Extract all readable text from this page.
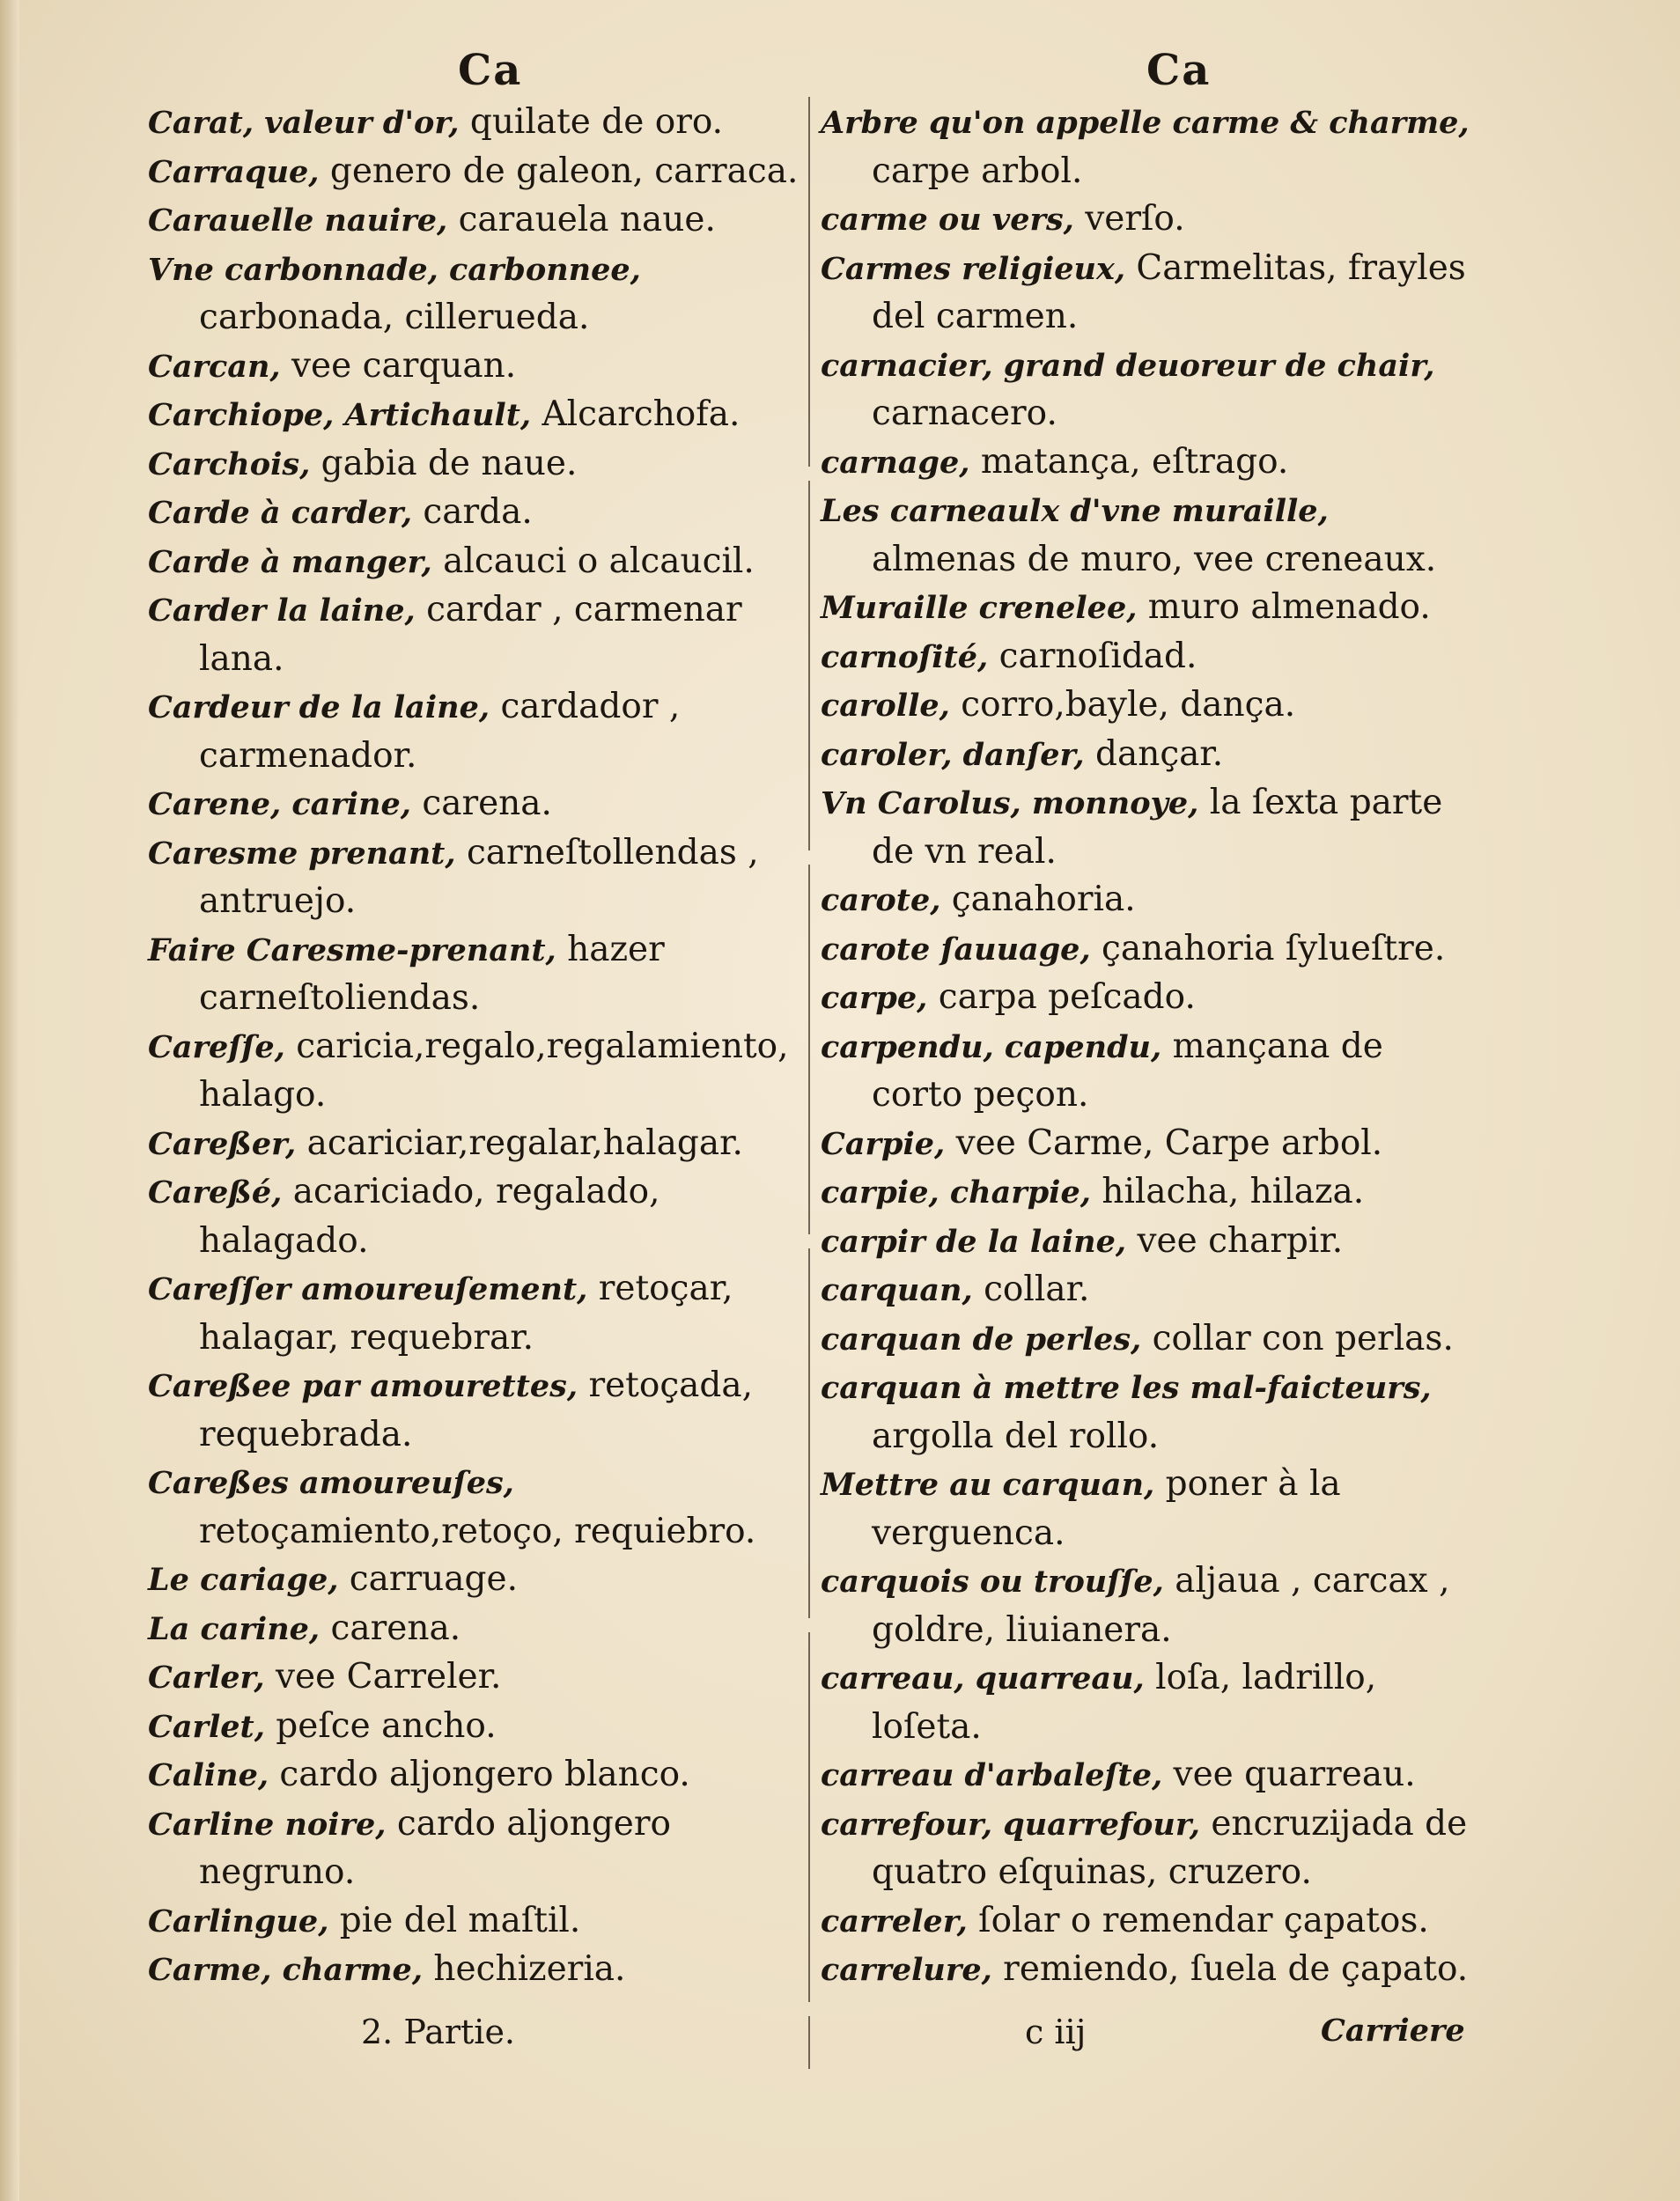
Ca	Ca
Carat, valeur d'or, quilate de oro.
Carraque, genero de galeon, carraca.
Carauelle nauire, carauela naue.
Vne carbonnade, carbonnee, carbonada, cillerueda.
Carcan, vee carquan.
Carchiope, Artichault, Alcarchofa.
Carchois, gabia de naue.
Carde à carder, carda.
Carde à manger, alcauci o alcaucil.
Carder la laine, cardar , carmenar lana.
Cardeur de la laine, cardador , carmenador.
Carene, carine, carena.
Caresme prenant, carneſtollendas , antruejo.
Faire Caresme-prenant, hazer carneſtoliendas.
Careſſe, caricia,regalo,regalamiento, halago.
Careßer, acariciar,regalar,halagar.
Careßé, acariciado, regalado, halagado.
Careſſer amoureuſement, retoçar, halagar, requebrar.
Careßee par amourettes, retoçada, requebrada.
Careßes amoureuſes, retoçamiento,retoço, requiebro.
Le cariage, carruage.
La carine, carena.
Carler, vee Carreler.
Carlet, peſce ancho.
Caline, cardo aljongero blanco.
Carline noire, cardo aljongero negruno.
Carlingue, pie del maſtil.
Carme, charme, hechizeria.
Arbre qu'on appelle carme & charme, carpe arbol.
carme ou vers, verſo.
Carmes religieux, Carmelitas, frayles del carmen.
carnacier, grand deuoreur de chair, carnacero.
carnage, matança, eſtrago.
Les carneaulx d'vne muraille, almenas de muro, vee creneaux.
Muraille crenelee, muro almenado.
carnoſité, carnoſidad.
carolle, corro,bayle, dança.
caroler, danſer, dançar.
Vn Carolus, monnoye, la ſexta parte de vn real.
carote, çanahoria.
carote ſauuage, çanahoria ſylueſtre.
carpe, carpa peſcado.
carpendu, capendu, mançana de corto peçon.
Carpie, vee Carme, Carpe arbol.
carpie, charpie, hilacha, hilaza.
carpir de la laine, vee charpir.
carquan, collar.
carquan de perles, collar con perlas.
carquan à mettre les mal-faicteurs, argolla del rollo.
Mettre au carquan, poner à la verguenca.
carquois ou trouſſe, aljaua , carcax , goldre, liuianera.
carreau, quarreau, loſa, ladrillo, loſeta.
carreau d'arbaleſte, vee quarreau.
carrefour, quarrefour, encruzijada de quatro eſquinas, cruzero.
carreler, ſolar o remendar çapatos.
carrelure, remiendo, ſuela de çapato.
2. Partie.	c iij	Carriere
